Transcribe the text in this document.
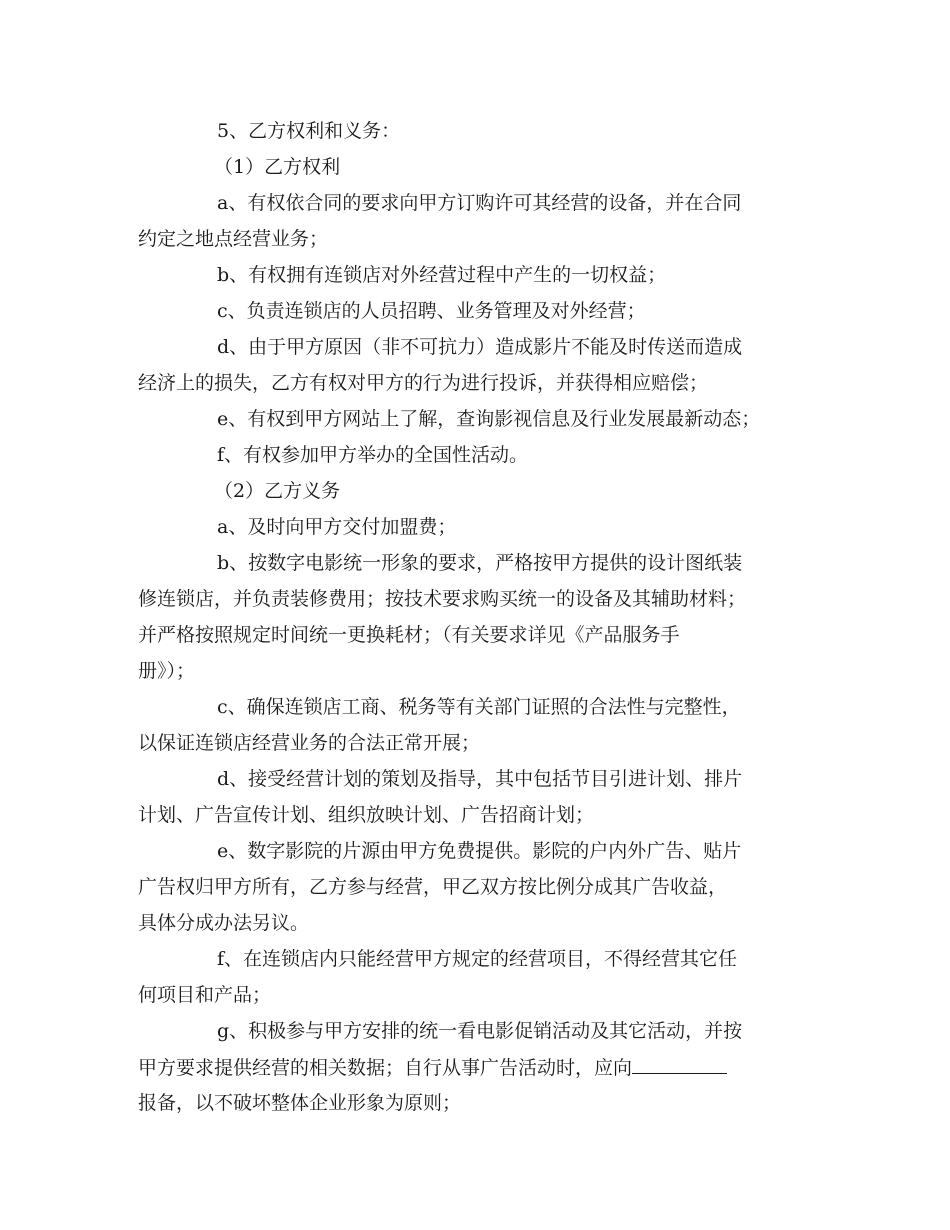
5、乙方权利和义务：
（1）乙方权利
a、有权依合同的要求向甲方订购许可其经营的设备，并在合同
约定之地点经营业务；
b、有权拥有连锁店对外经营过程中产生的一切权益；
c、负责连锁店的人员招聘、业务管理及对外经营；
d、由于甲方原因（非不可抗力）造成影片不能及时传送而造成
经济上的损失，乙方有权对甲方的行为进行投诉，并获得相应赔偿；
e、有权到甲方网站上了解，查询影视信息及行业发展最新动态；
f、有权参加甲方举办的全国性活动。
（2）乙方义务
a、及时向甲方交付加盟费；
b、按数字电影统一形象的要求，严格按甲方提供的设计图纸装
修连锁店，并负责装修费用；按技术要求购买统一的设备及其辅助材料；
并严格按照规定时间统一更换耗材；（有关要求详见《产品服务手
册》）；
c、确保连锁店工商、税务等有关部门证照的合法性与完整性，
以保证连锁店经营业务的合法正常开展；
d、接受经营计划的策划及指导，其中包括节目引进计划、排片
计划、广告宣传计划、组织放映计划、广告招商计划；
e、数字影院的片源由甲方免费提供。影院的户内外广告、贴片
广告权归甲方所有，乙方参与经营，甲乙双方按比例分成其广告收益，
具体分成办法另议。
f、在连锁店内只能经营甲方规定的经营项目，不得经营其它任
何项目和产品；
g、积极参与甲方安排的统一看电影促销活动及其它活动，并按
甲方要求提供经营的相关数据；自行从事广告活动时，应向
报备，以不破坏整体企业形象为原则；
